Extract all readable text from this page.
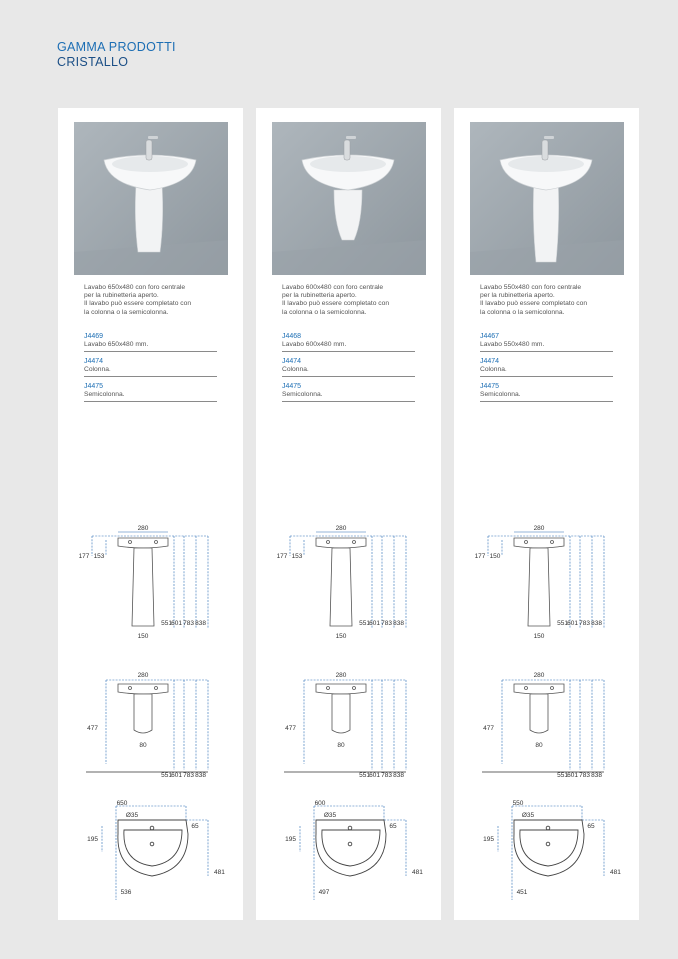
GAMMA PRODOTTI
CRISTALLO
Lavabo 650x480 con foro centrale
per la rubinetteria aperto.
Il lavabo può essere completato con
la colonna o la semicolonna.
J4469
Lavabo 650x480 mm.
J4474
Colonna.
J4475
Semicolonna.
280
177 153
551 601 783 838
150
280
477
80
551 601 783 838
650
Ø35
65
195
481
536
Lavabo 600x480 con foro centrale
per la rubinetteria aperto.
Il lavabo può essere completato con
la colonna o la semicolonna.
J4468
Lavabo 600x480 mm.
J4474
Colonna.
J4475
Semicolonna.
280
177 153
551 601 783 838
150
280
477
80
551 601 783 838
600
Ø35
65
195
481
497
Lavabo 550x480 con foro centrale
per la rubinetteria aperto.
Il lavabo può essere completato con
la colonna o la semicolonna.
J4467
Lavabo 550x480 mm.
J4474
Colonna.
J4475
Semicolonna.
280
177 150
551 601 783 838
150
280
477
80
551 601 783 838
550
Ø35
65
195
481
451
